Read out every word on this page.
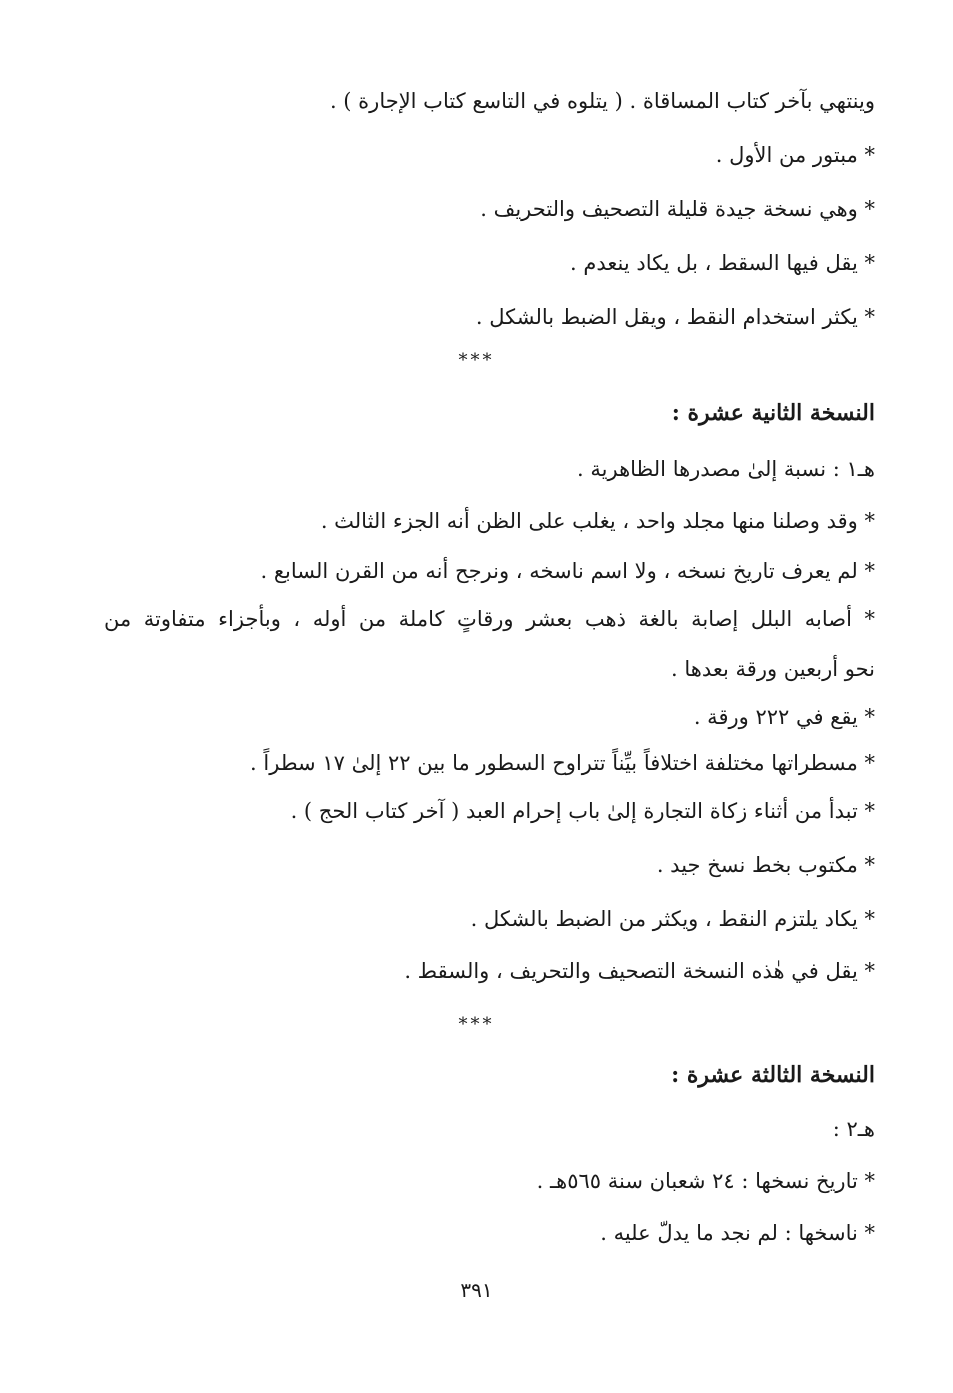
وينتهي بآخر كتاب المساقاة . ( يتلوه في التاسع كتاب الإجارة ) .
* مبتور من الأول .
* وهي نسخة جيدة قليلة التصحيف والتحريف .
* يقل فيها السقط ، بل يكاد ينعدم .
* يكثر استخدام النقط ، ويقل الضبط بالشكل .
***
النسخة الثانية عشرة :
هـ١ : نسبة إلىٰ مصدرها الظاهرية .
* وقد وصلنا منها مجلد واحد ، يغلب على الظن أنه الجزء الثالث .
* لم يعرف تاريخ نسخه ، ولا اسم ناسخه ، ونرجح أنه من القرن السابع .
* أصابه البلل إصابة بالغة ذهب بعشر ورقاتٍ كاملة من أوله ، وبأجزاء متفاوتة من
نحو أربعين ورقة بعدها .
* يقع في ٢٢٢ ورقة .
* مسطراتها مختلفة اختلافاً بيِّناً تتراوح السطور ما بين ٢٢ إلىٰ ١٧ سطراً .
* تبدأ من أثناء زكاة التجارة إلىٰ باب إحرام العبد ( آخر كتاب الحج ) .
* مكتوب بخط نسخ جيد .
* يكاد يلتزم النقط ، ويكثر من الضبط بالشكل .
* يقل في هٰذه النسخة التصحيف والتحريف ، والسقط .
***
النسخة الثالثة عشرة :
هـ٢ :
* تاريخ نسخها : ٢٤ شعبان سنة ٥٦٥هـ .
* ناسخها : لم نجد ما يدلّ عليه .
٣٩١
